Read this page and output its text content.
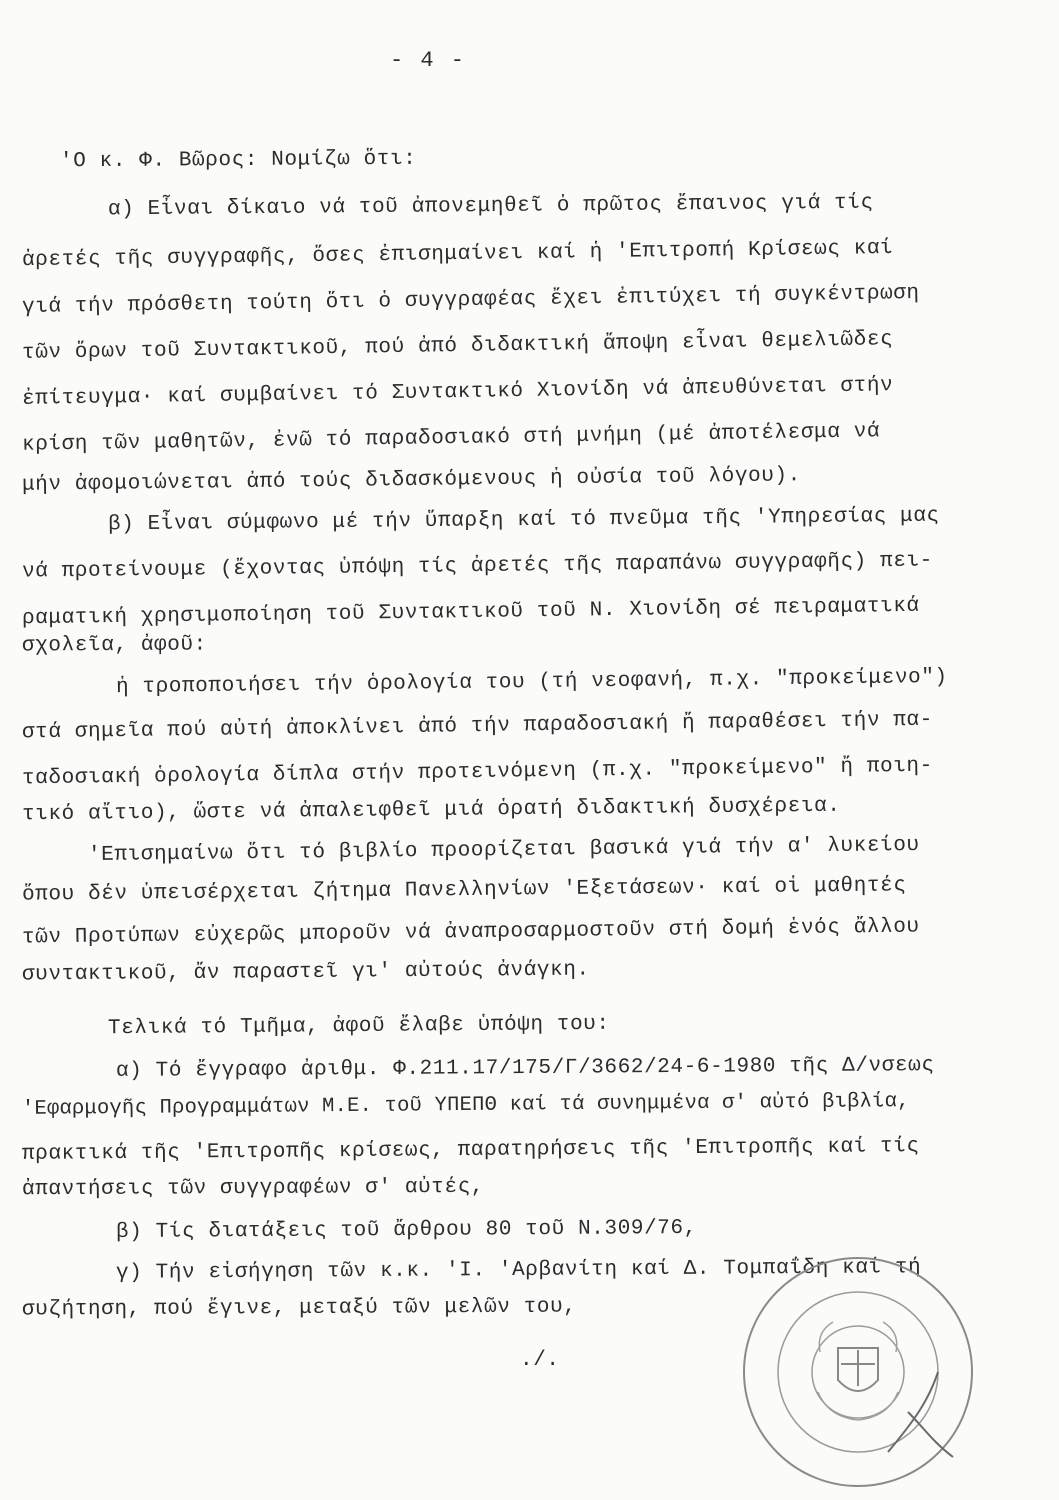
- 4 -
'Ο κ. Φ. Βῶρος: Νομίζω ὅτι:
α) Εἶναι δίκαιο νά τοῦ ἀπονεμηθεῖ ὁ πρῶτος ἔπαινος γιά τίς
ἀρετές τῆς συγγραφῆς, ὅσες ἐπισημαίνει καί ἡ 'Επιτροπή Κρίσεως καί
γιά τήν πρόσθετη τούτη ὅτι ὁ συγγραφέας ἔχει ἐπιτύχει τή συγκέντρωση
τῶν ὅρων τοῦ Συντακτικοῦ, πού ἀπό διδακτική ἄποψη εἶναι θεμελιῶδες
ἐπίτευγμα· καί συμβαίνει τό Συντακτικό Χιονίδη νά ἀπευθύνεται στήν
κρίση τῶν μαθητῶν, ἐνῶ τό παραδοσιακό στή μνήμη (μέ ἀποτέλεσμα νά
μήν ἀφομοιώνεται ἀπό τούς διδασκόμενους ἡ οὐσία τοῦ λόγου).
β) Εἶναι σύμφωνο μέ τήν ὕπαρξη καί τό πνεῦμα τῆς 'Υπηρεσίας μας
νά προτείνουμε (ἔχοντας ὑπόψη τίς ἀρετές τῆς παραπάνω συγγραφῆς) πει-
ραματική χρησιμοποίηση τοῦ Συντακτικοῦ τοῦ Ν. Χιονίδη σέ πειραματικά
σχολεῖα, ἀφοῦ:
ἡ τροποποιήσει τήν ὁρολογία του (τή νεοφανή, π.χ. "προκείμενο")
στά σημεῖα πού αὐτή ἀποκλίνει ἀπό τήν παραδοσιακή ἤ παραθέσει τήν πα-
ταδοσιακή ὁρολογία δίπλα στήν προτεινόμενη (π.χ. "προκείμενο" ἤ ποιη-
τικό αἴτιο), ὥστε νά ἀπαλειφθεῖ μιά ὁρατή διδακτική δυσχέρεια.
'Επισημαίνω ὅτι τό βιβλίο προορίζεται βασικά γιά τήν α' λυκείου
ὅπου δέν ὑπεισέρχεται ζήτημα Πανελληνίων 'Εξετάσεων· καί οἱ μαθητές
τῶν Προτύπων εὐχερῶς μποροῦν νά ἀναπροσαρμοστοῦν στή δομή ἑνός ἄλλου
συντακτικοῦ, ἄν παραστεῖ γι' αὐτούς ἀνάγκη.
Τελικά τό Τμῆμα, ἀφοῦ ἔλαβε ὑπόψη του:
α) Τό ἔγγραφο ἀριθμ. Φ.211.17/175/Γ/3662/24-6-1980 τῆς Δ/νσεως
'Εφαρμογῆς Προγραμμάτων Μ.Ε. τοῦ ΥΠΕΠΘ καί τά συνημμένα σ' αὐτό βιβλία,
πρακτικά τῆς 'Επιτροπῆς κρίσεως, παρατηρήσεις τῆς 'Επιτροπῆς καί τίς
ἀπαντήσεις τῶν συγγραφέων σ' αὐτές,
β) Τίς διατάξεις τοῦ ἄρθρου 80 τοῦ Ν.309/76,
γ) Τήν εἰσήγηση τῶν κ.κ. 'Ι. 'Αρβανίτη καί Δ. Τομπαΐδη καί τή
συζήτηση, πού ἔγινε, μεταξύ τῶν μελῶν του,
./.
